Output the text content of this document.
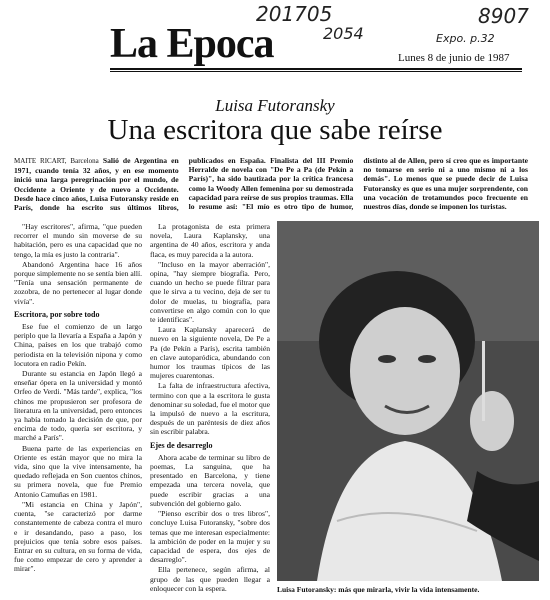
201705	8907
2054	Expo. p.32
La Epoca	Lunes 8 de junio de 1987
Luisa Futoransky
Una escritora que sabe reírse
MAITE RICART, Barcelona Salió de Argentina en 1971, cuando tenía 32 años, y en ese momento inició una larga peregrinación por el mundo, de Occidente a Oriente y de nuevo a Occidente. Desde hace cinco años, Luisa Futoransky reside en París, donde ha escrito sus últimos libros, publicados en España. Finalista del III Premio Herralde de novela con "De Pe a Pa (de Pekín a París)", ha sido bautizada por la crítica francesa como la Woody Allen femenina por su demostrada capacidad para reírse de sus propios traumas. Ella lo resume así: "El mío es otro tipo de humor, distinto al de Allen, pero sí creo que es importante no tomarse en serio ni a uno mismo ni a los demás". Lo menos que se puede decir de Luisa Futoransky es que es una mujer sorprendente, con una vocación de trotamundos poco frecuente en nuestros días, donde se imponen los turistas.

"Hay escritores", afirma, "que pueden recorrer el mundo sin moverse de su habitación, pero es una capacidad que no tengo, la mía es justo la contraria".

Abandonó Argentina hace 16 años porque simplemente no se sentía bien allí. "Tenía una sensación permanente de zozobra, de no pertenecer al lugar donde vivía".

Escritora, por sobre todo

Ese fue el comienzo de un largo periplo que la llevaría a España a Japón y China, países en los que trabajó como periodista en la televisión nipona y como locutora en radio Pekín.

Durante su estancia en Japón llegó a enseñar ópera en la universidad y montó Orfeo de Verdi. "Más tarde", explica, "los chinos me propusieron ser profesora de literatura en la universidad, pero entonces ya había tomado la decisión de que, por encima de todo, quería ser escritora, y marché a París".

Buena parte de las experiencias en Oriente es están mayor que no mira la vida, sino que la vive intensamente, ha quedado reflejada en Son cuentos chinos, su primera novela, que fue Premio Antonio Camuñas en 1981.

"Mi estancia en China y Japón", cuenta, "se caracterizó por darme constantemente de cabeza contra el muro e ir desandando, paso a paso, los prejuicios que tenía sobre esos países. Entrar en su cultura, en su forma de vida, fue como empezar de cero y aprender a mirar".

La protagonista de esta primera novela, Laura Kaplansky, una argentina de 40 años, escritora y anda flaca, es muy parecida a la autora.

"Incluso en la mayor aberración", opina, "hay siempre biografía. Pero, cuando un hecho se puede filtrar para que le sirva a tu vecino, deja de ser tu dolor de muelas, tu biografía, para convertirse en algo común con lo que te identificas".

Laura Kaplansky aparecerá de nuevo en la siguiente novela, De Pe a Pa (de Pekín a París), escrita también en clave autoparódica, abundando con humor los traumas típicos de las mujeres cuarentonas.

La falta de infraestructura afectiva, termino con que a la escritora le gusta denominar su soledad, fue el motor que la impulsó de nuevo a la escritura, después de un paréntesis de diez años sin escribir palabra.

Ejes de desarreglo

Ahora acabe de terminar su libro de poemas, La sanguina, que ha presentado en Barcelona, y tiene empezada una tercera novela, que puede escribir gracias a una subvención del gobierno galo.

"Pienso escribir dos o tres libros", concluye Luisa Futoransky, "sobre dos temas que me interesan especialmente: la ambición de poder en la mujer y su capacidad de espera, dos ejes de desarreglo".

Ella pertenece, según afirma, al grupo de las que pueden llegar a enloquecer con la espera.	Luisa Futoransky: más que mirarla, vivir la vida intensamente.
